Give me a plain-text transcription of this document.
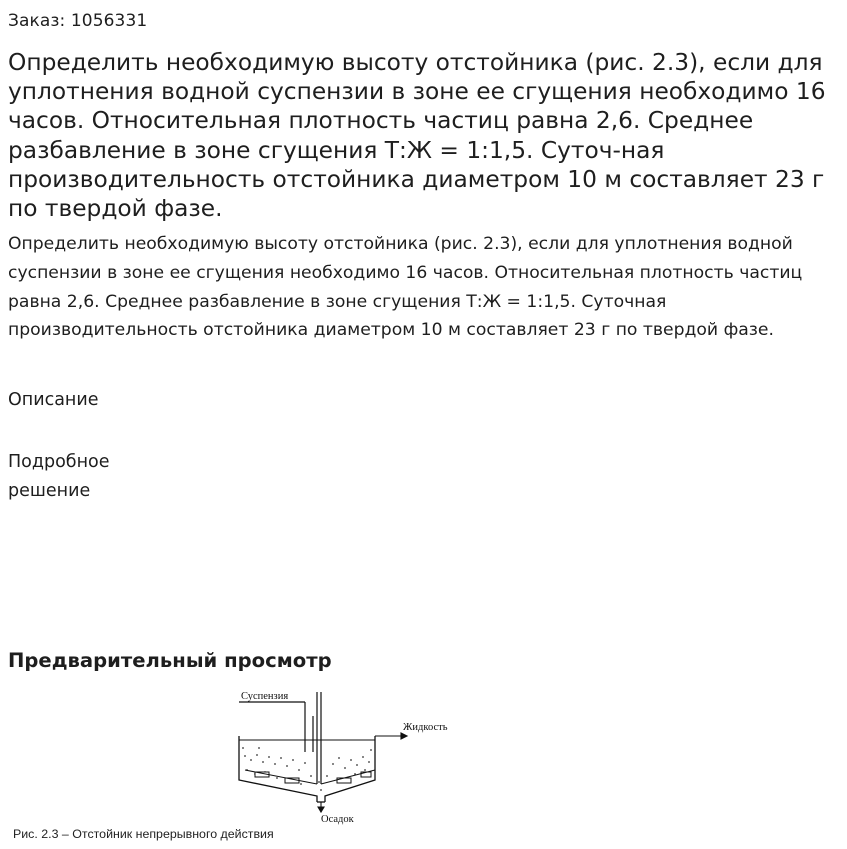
Заказ: 1056331
Определить необходимую высоту отстойника (рис. 2.3), если для уплотнения водной суспензии в зоне ее сгущения необходимо 16 часов. Относительная плотность частиц равна 2,6. Среднее разбавление в зоне сгущения Т:Ж = 1:1,5. Суточ-ная производительность отстойника диаметром 10 м составляет 23 г по твердой фазе.

Определить необходимую высоту отстойника (рис. 2.3), если для уплотнения водной суспензии в зоне ее сгущения необходимо 16 часов. Относительная плотность частиц равна 2,6. Среднее разбавление в зоне сгущения Т:Ж = 1:1,5. Суточная производительность отстойника диаметром 10 м составляет 23 г по твердой фазе.

Описание
Подробное решение
Предварительный просмотр
Суспензия
Жидкость
Осадок
Рис. 2.3 – Отстойник непрерывного действия
